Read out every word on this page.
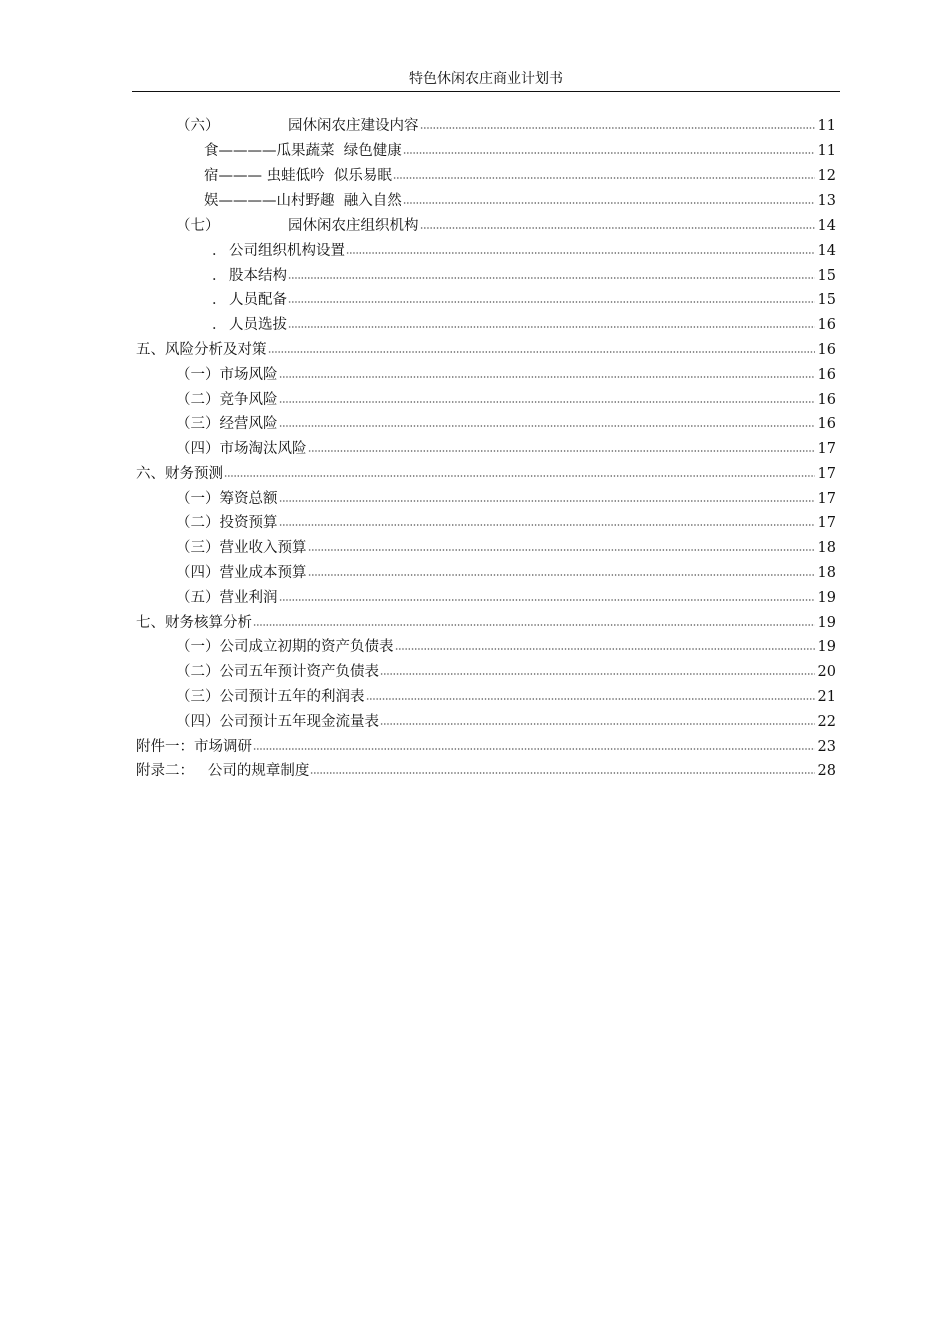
特色休闲农庄商业计划书
（六）	园休闲农庄建设内容	11
食————瓜果蔬菜  绿色健康	11
宿——— 虫蛙低吟  似乐易眠	12
娱————山村野趣  融入自然	13
（七）	园休闲农庄组织机构	14
． 公司组织机构设置	14
． 股本结构	15
． 人员配备	15
． 人员选拔	16
五、风险分析及对策	16
（一）市场风险	16
（二）竞争风险	16
（三）经营风险	16
（四）市场淘汰风险	17
六、财务预测	17
（一）筹资总额	17
（二）投资预算	17
（三）营业收入预算	18
（四）营业成本预算	18
（五）营业利润	19
七、财务核算分析	19
（一）公司成立初期的资产负债表	19
（二）公司五年预计资产负债表	20
（三）公司预计五年的利润表	21
（四）公司预计五年现金流量表	22
附件一：市场调研	23
附录二：   公司的规章制度	28
